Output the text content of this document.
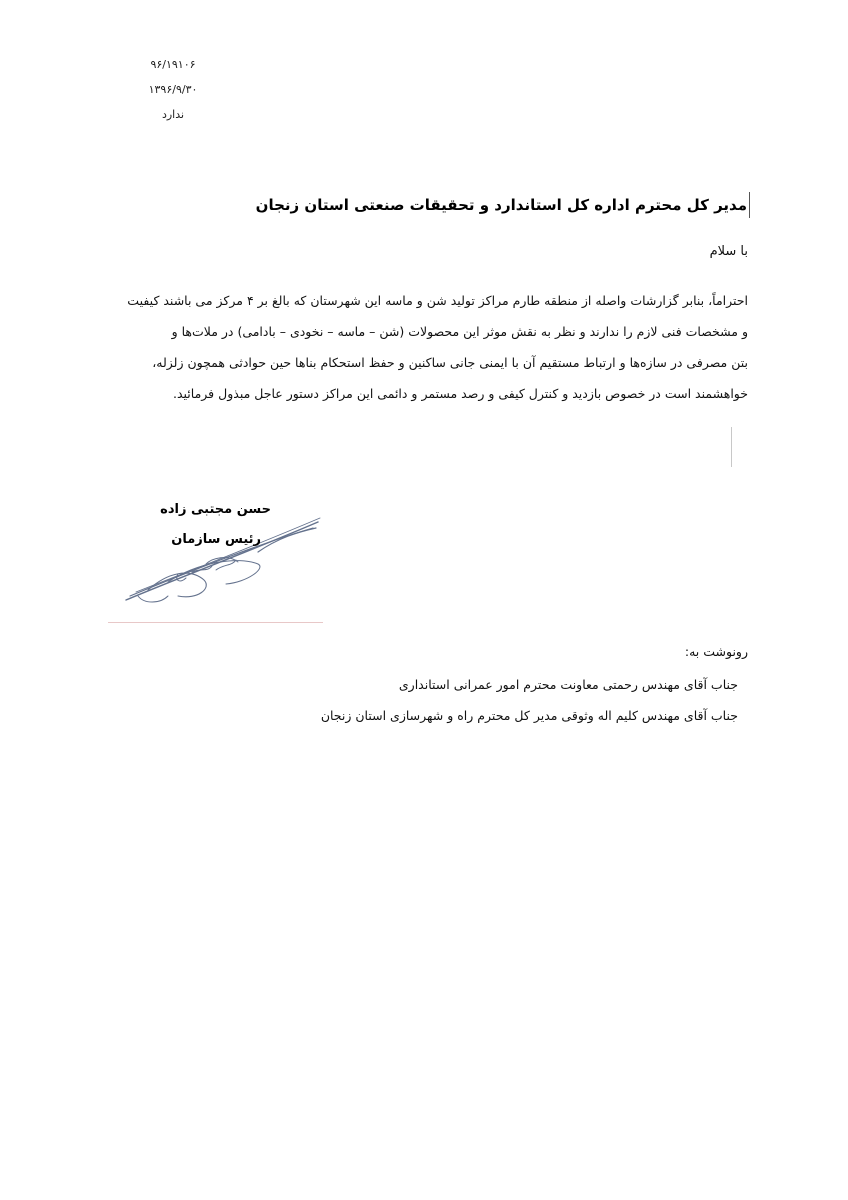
۹۶/۱۹۱۰۶
۱۳۹۶/۹/۳۰
ندارد
مدیر کل محترم اداره کل استاندارد و تحقیقات صنعتی استان زنجان
با سلام
احتراماً، بنابر گزارشات واصله از منطقه طارم مراکز تولید شن و ماسه این شهرستان که بالغ بر ۴ مرکز می باشند کیفیت
و مشخصات فنی لازم را ندارند و نظر به نقش موثر این محصولات (شن – ماسه – نخودی – بادامی) در ملات‌ها و
بتن مصرفی در سازه‌ها و ارتباط مستقیم آن با ایمنی جانی ساکنین و حفظ استحکام بناها حین حوادثی همچون زلزله،
خواهشمند است در خصوص بازدید و کنترل کیفی و رصد مستمر و دائمی این مراکز دستور عاجل مبذول فرمائید.
حسن مجتبی زاده
رئیس سازمان
رونوشت به:
جناب آقای مهندس رحمتی معاونت محترم امور عمرانی استانداری
جناب آقای مهندس کلیم اله وثوقی مدیر کل محترم راه و شهرسازی استان زنجان
